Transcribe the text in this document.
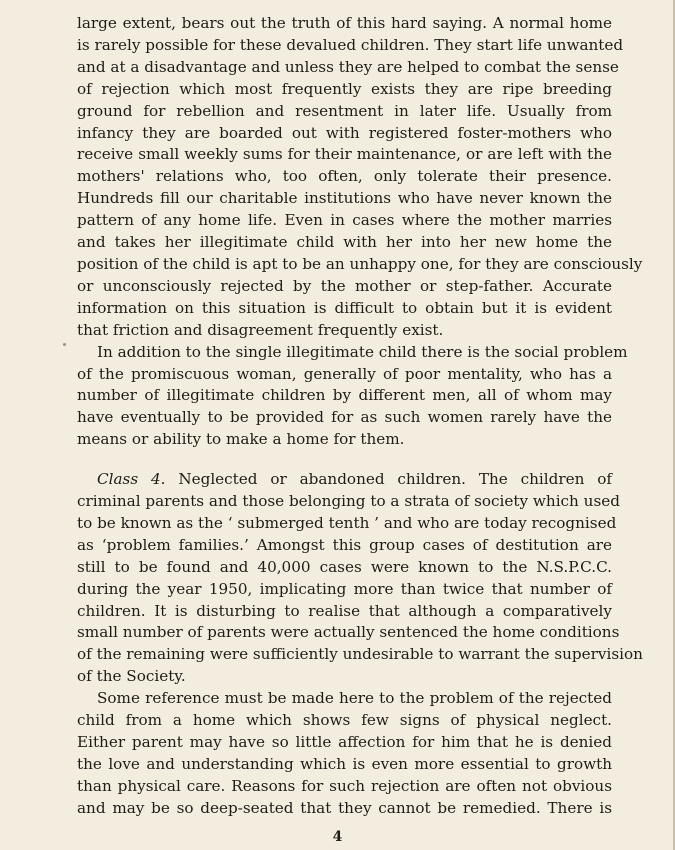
large extent, bears out the truth of this hard saying. A normal home
is rarely possible for these devalued children. They start life unwanted
and at a disadvantage and unless they are helped to combat the sense
of rejection which most frequently exists they are ripe breeding
ground for rebellion and resentment in later life. Usually from
infancy they are boarded out with registered foster-mothers who
receive small weekly sums for their maintenance, or are left with the
mothers' relations who, too often, only tolerate their presence.
Hundreds fill our charitable institutions who have never known the
pattern of any home life. Even in cases where the mother marries
and takes her illegitimate child with her into her new home the
position of the child is apt to be an unhappy one, for they are consciously
or unconsciously rejected by the mother or step-father. Accurate
information on this situation is difficult to obtain but it is evident
that friction and disagreement frequently exist.
In addition to the single illegitimate child there is the social problem
of the promiscuous woman, generally of poor mentality, who has a
number of illegitimate children by different men, all of whom may
have eventually to be provided for as such women rarely have the
means or ability to make a home for them.
Class 4. Neglected or abandoned children. The children of
criminal parents and those belonging to a strata of society which used
to be known as the ‘ submerged tenth ’ and who are today recognised
as ‘problem families.’ Amongst this group cases of destitution are
still to be found and 40,000 cases were known to the N.S.P.C.C.
during the year 1950, implicating more than twice that number of
children. It is disturbing to realise that although a comparatively
small number of parents were actually sentenced the home conditions
of the remaining were sufficiently undesirable to warrant the supervision
of the Society.
Some reference must be made here to the problem of the rejected
child from a home which shows few signs of physical neglect.
Either parent may have so little affection for him that he is denied
the love and understanding which is even more essential to growth
than physical care. Reasons for such rejection are often not obvious
and may be so deep-seated that they cannot be remedied. There is
4
